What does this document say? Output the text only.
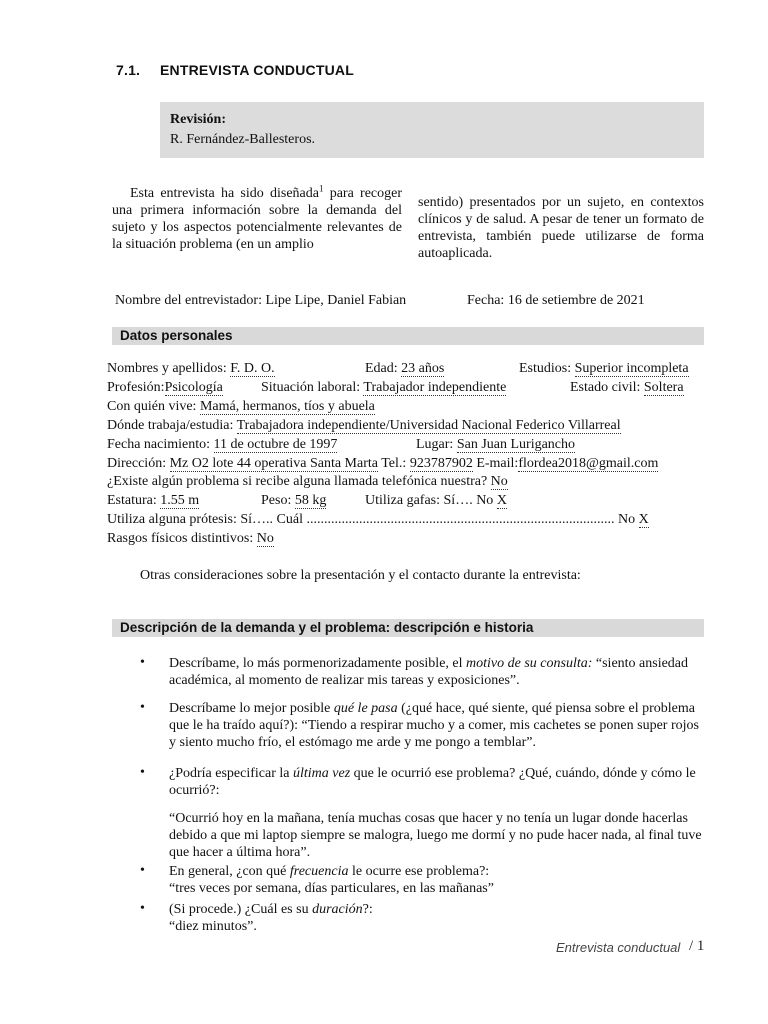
7.1. ENTREVISTA CONDUCTUAL
Revisión:
R. Fernández-Ballesteros.
Esta entrevista ha sido diseñada$^1$ para recoger una primera información sobre la demanda del sujeto y los aspectos potencialmente relevantes de la situación problema (en un amplio
sentido) presentados por un sujeto, en contextos clínicos y de salud. A pesar de tener un formato de entrevista, también puede utilizarse de forma autoaplicada.
Nombre del entrevistador: Lipe Lipe, Daniel Fabian	Fecha: 16 de setiembre de 2021
Datos personales
Nombres y apellidos: F. D. O.	Edad: 23 años	Estudios: Superior incompleta
Profesión:Psicología	Situación laboral: Trabajador independiente	Estado civil: Soltera
Con quién vive: Mamá, hermanos, tíos y abuela
Dónde trabaja/estudia: Trabajadora independiente/Universidad Nacional Federico Villarreal
Fecha nacimiento: 11 de octubre de 1997	Lugar: San Juan Lurigancho
Dirección: Mz O2 lote 44 operativa Santa Marta Tel.: 923787902 E-mail:flordea2018@gmail.com
¿Existe algún problema si recibe alguna llamada telefónica nuestra? No
Estatura: 1.55 m	Peso: 58 kg	Utiliza gafas: Sí…. No X
Utiliza alguna prótesis: Sí….. Cuál ........................................................................................ No X
Rasgos físicos distintivos: No
Otras consideraciones sobre la presentación y el contacto durante la entrevista:
Descripción de la demanda y el problema: descripción e historia
•	Descríbame, lo más pormenorizadamente posible, el motivo de su consulta: “siento ansiedad académica, al momento de realizar mis tareas y exposiciones”.
•	Descríbame lo mejor posible qué le pasa (¿qué hace, qué siente, qué piensa sobre el problema que le ha traído aquí?): “Tiendo a respirar mucho y a comer, mis cachetes se ponen super rojos y siento mucho frío, el estómago me arde y me pongo a temblar”.
•	¿Podría especificar la última vez que le ocurrió ese problema? ¿Qué, cuándo, dónde y cómo le ocurrió?:
“Ocurrió hoy en la mañana, tenía muchas cosas que hacer y no tenía un lugar donde hacerlas debido a que mi laptop siempre se malogra, luego me dormí y no pude hacer nada, al final tuve que hacer a última hora”.
•	En general, ¿con qué frecuencia le ocurre ese problema?:
“tres veces por semana, días particulares, en las mañanas”
•	(Si procede.) ¿Cuál es su duración?:
“diez minutos”.
Entrevista conductual / 1
